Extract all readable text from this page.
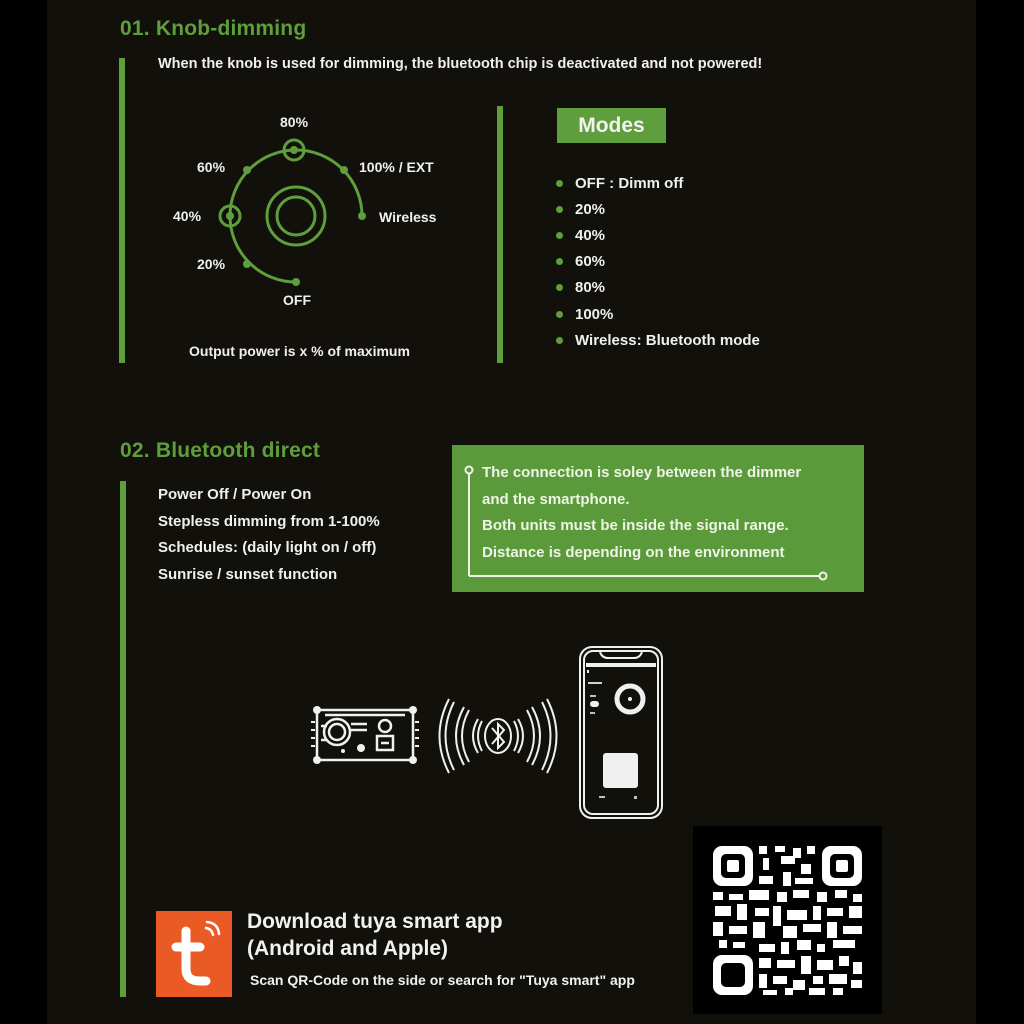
01. Knob-dimming
When the knob is used for dimming, the bluetooth chip is deactivated and not powered!
80%
60%	100% / EXT
40%	Wireless
20%
OFF
Output power is x % of maximum
Modes
OFF : Dimm off
20%
40%
60%
80%
100%
Wireless: Bluetooth mode
02. Bluetooth direct
Power Off / Power On
Stepless dimming from 1-100%
Schedules: (daily light on / off)
Sunrise / sunset function
The connection is soley between the dimmer
and the smartphone.
Both units must be inside the signal range.
Distance is depending on the environment
Download tuya smart app
(Android and Apple)
Scan QR-Code on the side or search for "Tuya smart" app
